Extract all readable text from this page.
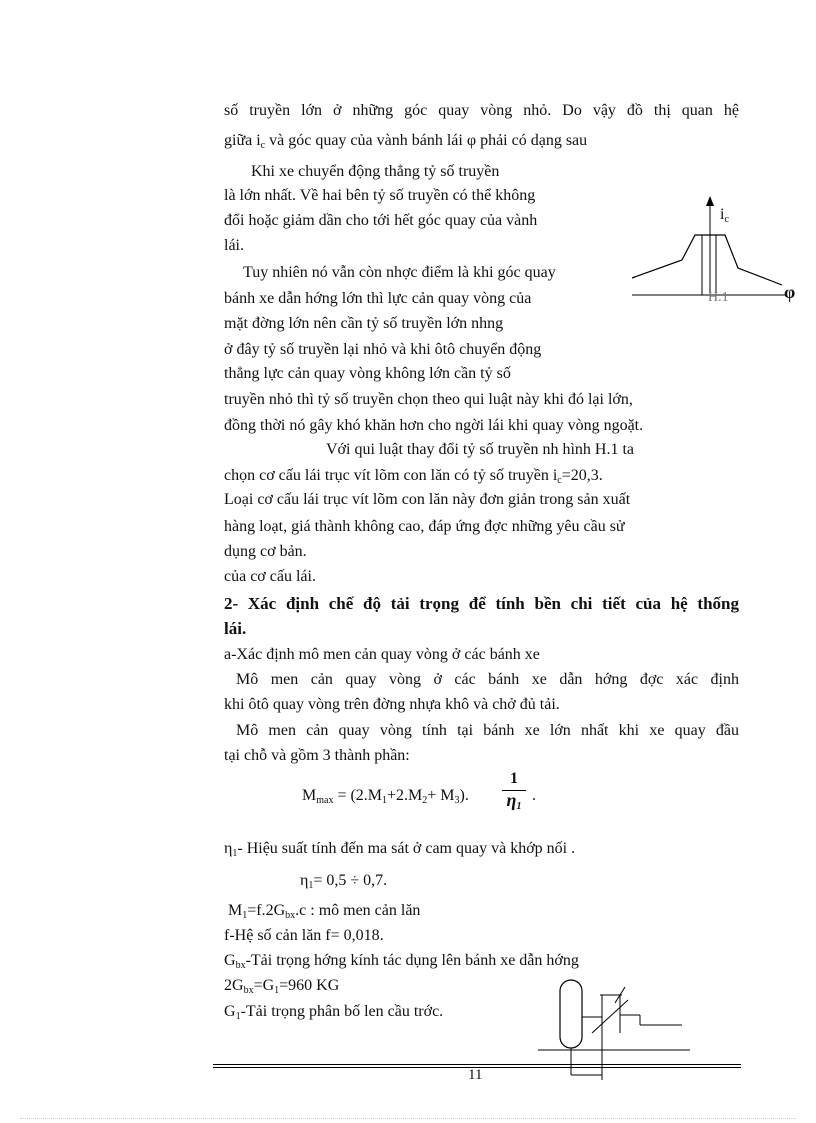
số truyền lớn ở những góc quay vòng nhỏ. Do vậy đồ thị quan hệ
giữa $i_c$ và góc quay của vành bánh lái φ phải có dạng sau
Khi xe chuyển động thẳng tỷ số truyền
là lớn nhất. Về hai bên tỷ số truyền có thể không
đổi hoặc giảm dần cho tới hết góc quay của vành
lái.
Tuy nhiên nó vẫn còn nhợc điểm là khi góc quay
bánh xe dẫn hớng lớn thì lực cản quay vòng của
mặt đờng lớn nên cần tỷ số truyền lớn nhng
ở đây tỷ số truyền lại nhỏ và khi ôtô chuyển động
thẳng lực cản quay vòng không lớn cần tỷ số
truyền nhỏ thì tỷ số truyền chọn theo qui luật này khi đó lại lớn,
đồng thời nó gây khó khăn hơn cho ngời lái khi quay vòng ngoặt.
Với qui luật thay đổi tỷ số truyền nh hình H.1 ta
chọn cơ cấu lái trục vít lõm con lăn có tỷ số truyền $i_c=20,3$.
Loại cơ cấu lái trục vít lõm con lăn này đơn giản trong sản xuất
hàng loạt, giá thành không cao, đáp ứng đợc những yêu cầu sử
dụng cơ bản.
của cơ cấu lái.
2- Xác định chế độ tải trọng để tính bền chi tiết của hệ thống
lái.
a-Xác định mô men cản quay vòng ở các bánh xe
Mô men cản quay vòng ở các bánh xe dẫn hớng đợc xác định
khi ôtô quay vòng trên đờng nhựa khô và chở đủ tải.
Mô men cản quay vòng tính tại bánh xe lớn nhất khi xe quay đầu
tại chỗ và gồm 3 thành phần:
$M_{max} = (2.M_1+2.M_2+ M_3)$.
1
$\eta_1$
.
$\eta_1-$ Hiệu suất tính đến ma sát ở cam quay và khớp nối .
$\eta_1= 0,5 \div 0,7$.
$M_1=f.2G_{bx}.c$ : mô men cản lăn
f-Hệ số cản lăn f= 0,018.
$G_{bx}$-Tải trọng hớng kính tác dụng lên bánh xe dẫn hớng
$2G_{bx}=G_1=960$ KG
$G_1$-Tải trọng phân bố len cầu trớc.
$i_c$
φ
H.1
11
